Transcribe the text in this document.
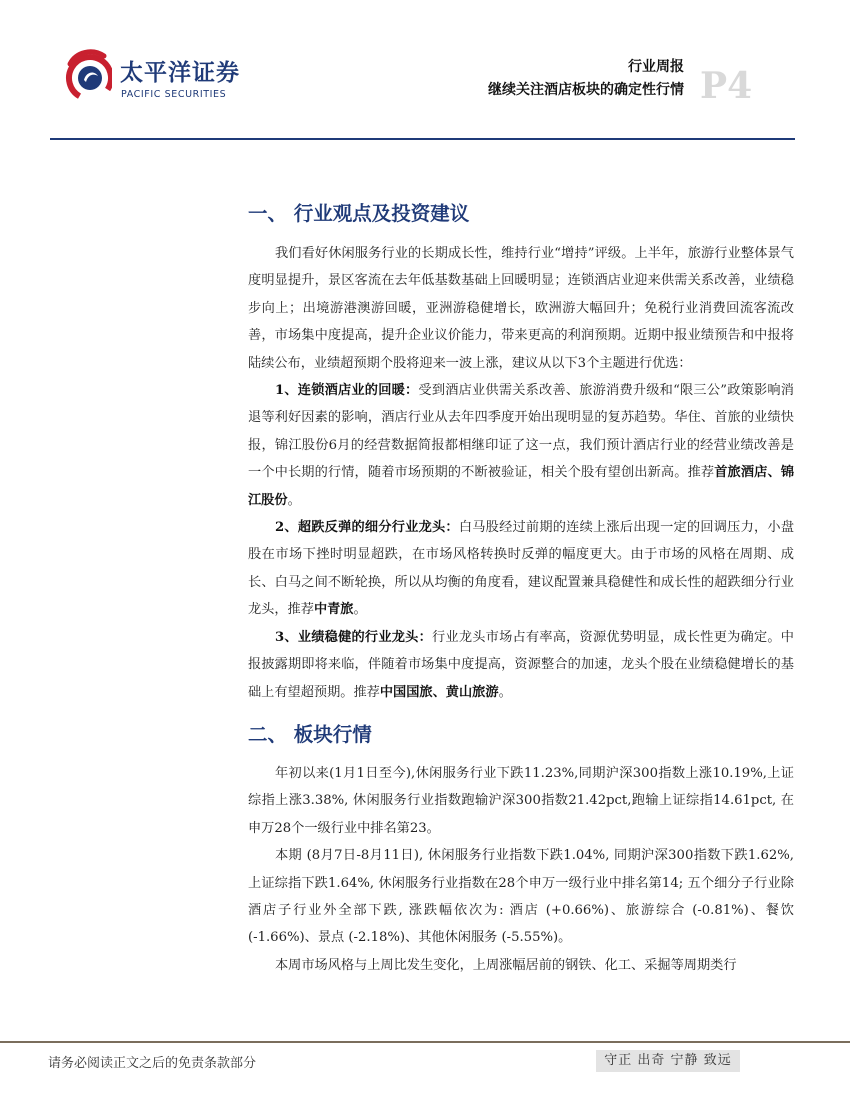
太平洋证券
PACIFIC SECURITIES
行业周报
继续关注酒店板块的确定性行情 P4
一、 行业观点及投资建议

我们看好休闲服务行业的长期成长性，维持行业“增持”评级。上半年，旅游行业整体景气度明显提升，景区客流在去年低基数基础上回暖明显；连锁酒店业迎来供需关系改善，业绩稳步向上；出境游港澳游回暖，亚洲游稳健增长，欧洲游大幅回升；免税行业消费回流客流改善，市场集中度提高，提升企业议价能力，带来更高的利润预期。近期中报业绩预告和中报将陆续公布，业绩超预期个股将迎来一波上涨，建议从以下3个主题进行优选：

1、连锁酒店业的回暖：受到酒店业供需关系改善、旅游消费升级和“限三公”政策影响消退等利好因素的影响，酒店行业从去年四季度开始出现明显的复苏趋势。华住、首旅的业绩快报，锦江股份6月的经营数据简报都相继印证了这一点，我们预计酒店行业的经营业绩改善是一个中长期的行情，随着市场预期的不断被验证，相关个股有望创出新高。推荐首旅酒店、锦江股份。

2、超跌反弹的细分行业龙头：白马股经过前期的连续上涨后出现一定的回调压力，小盘股在市场下挫时明显超跌，在市场风格转换时反弹的幅度更大。由于市场的风格在周期、成长、白马之间不断轮换，所以从均衡的角度看，建议配置兼具稳健性和成长性的超跌细分行业龙头，推荐中青旅。

3、业绩稳健的行业龙头：行业龙头市场占有率高，资源优势明显，成长性更为确定。中报披露期即将来临，伴随着市场集中度提高，资源整合的加速，龙头个股在业绩稳健增长的基础上有望超预期。推荐中国国旅、黄山旅游。

二、 板块行情

年初以来(1月1日至今),休闲服务行业下跌11.23%,同期沪深300指数上涨10.19%,上证综指上涨3.38%, 休闲服务行业指数跑输沪深300指数21.42pct,跑输上证综指14.61pct, 在申万28个一级行业中排名第23。

本期 (8月7日-8月11日), 休闲服务行业指数下跌1.04%, 同期沪深300指数下跌1.62%, 上证综指下跌1.64%, 休闲服务行业指数在28个申万一级行业中排名第14; 五个细分子行业除酒店子行业外全部下跌, 涨跌幅依次为: 酒店 (+0.66%)、旅游综合 (-0.81%)、餐饮 (-1.66%)、景点 (-2.18%)、其他休闲服务 (-5.55%)。

本周市场风格与上周比发生变化，上周涨幅居前的钢铁、化工、采掘等周期类行

请务必阅读正文之后的免责条款部分	守正 出奇 宁静 致远
